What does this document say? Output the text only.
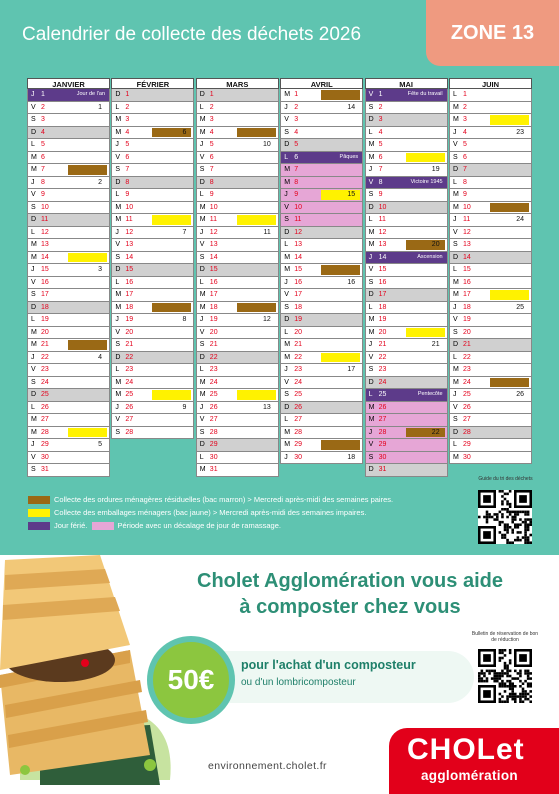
Calendrier de collecte des déchets 2026	ZONE 13
JANVIER
J 1	Jour de l'an
V 2	1
S 3
D 4
L 5
M 6
M 7
J 8	2
V 9
S 10
D 11
L 12
M 13
M 14
J 15	3
V 16
S 17
D 18
L 19
M 20
M 21
J 22	4
V 23
S 24
D 25
L 26
M 27
M 28
J 29	5
V 30
S 31
FÉVRIER
D 1
L 2
M 3
M 4	6
J 5
V 6
S 7
D 8
L 9
M 10
M 11
J 12	7
V 13
S 14
D 15
L 16
M 17
M 18
J 19	8
V 20
S 21
D 22
L 23
M 24
M 25
J 26	9
V 27
S 28
MARS
D 1
L 2
M 3
M 4
J 5	10
V 6
S 7
D 8
L 9
M 10
M 11
J 12	11
V 13
S 14
D 15
L 16
M 17
M 18
J 19	12
V 20
S 21
D 22
L 23
M 24
M 25
J 26	13
V 27
S 28
D 29
L 30
M 31
AVRIL
M 1
J 2	14
V 3
S 4
D 5
L 6	Pâques
M 7
M 8
J 9	15
V 10
S 11
D 12
L 13
M 14
M 15
J 16	16
V 17
S 18
D 19
L 20
M 21
M 22
J 23	17
V 24
S 25
D 26
L 27
M 28
M 29
J 30	18
MAI
V 1	Fête du travail
S 2
D 3
L 4
M 5
M 6
J 7	19
V 8	Victoire 1945
S 9
D 10
L 11
M 12
M 13	20
J 14	Ascension
V 15
S 16
D 17
L 18
M 19
M 20
J 21	21
V 22
S 23
D 24
L 25	Pentecôte
M 26
M 27
J 28	22
V 29
S 30
D 31
JUIN
L 1
M 2
M 3
J 4	23
V 5
S 6
D 7
L 8
M 9
M 10
J 11	24
V 12
S 13
D 14
L 15
M 16
M 17
J 18	25
V 19
S 20
D 21
L 22
M 23
M 24
J 25	26
V 26
S 27
D 28
L 29
M 30
Collecte des ordures ménagères résiduelles (bac marron) > Mercredi après-midi des semaines paires.
Collecte des emballages ménagers (bac jaune) > Mercredi après-midi des semaines impaires.
Jour férié.	Période avec un décalage de jour de ramassage.
Guide du tri des déchets
Cholet Agglomération vous aide
à composter chez vous
50€	pour l'achat d'un composteur
ou d'un lombricomposteur
Bulletin de réservation de bon de réduction
environnement.cholet.fr	CHOLet
agglomération
